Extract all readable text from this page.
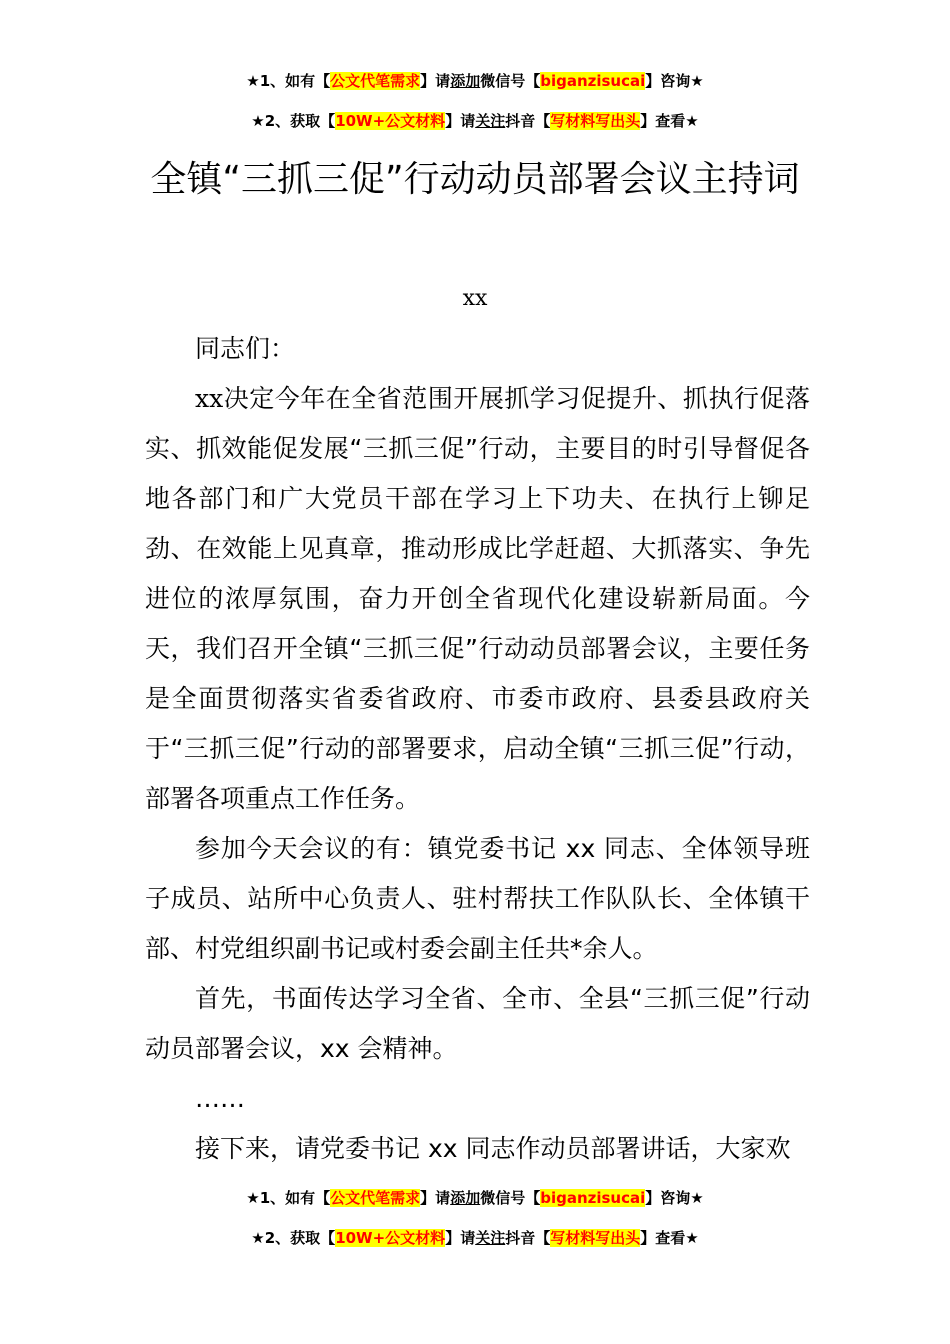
★1、如有【公文代笔需求】请添加微信号【biganzisucai】咨询★
★2、获取【10W+公文材料】请关注抖音【写材料写出头】查看★
全镇“三抓三促”行动动员部署会议主持词
xx

同志们：

xx决定今年在全省范围开展抓学习促提升、抓执行促落实、抓效能促发展“三抓三促”行动，主要目的时引导督促各地各部门和广大党员干部在学习上下功夫、在执行上铆足劲、在效能上见真章，推动形成比学赶超、大抓落实、争先进位的浓厚氛围，奋力开创全省现代化建设崭新局面。今天，我们召开全镇“三抓三促”行动动员部署会议，主要任务是全面贯彻落实省委省政府、市委市政府、县委县政府关于“三抓三促”行动的部署要求，启动全镇“三抓三促”行动，部署各项重点工作任务。

参加今天会议的有：镇党委书记 xx 同志、全体领导班子成员、站所中心负责人、驻村帮扶工作队队长、全体镇干部、村党组织副书记或村委会副主任共*余人。

首先，书面传达学习全省、全市、全县“三抓三促”行动动员部署会议，xx 会精神。

……

接下来，请党委书记 xx 同志作动员部署讲话，大家欢

★1、如有【公文代笔需求】请添加微信号【biganzisucai】咨询★
★2、获取【10W+公文材料】请关注抖音【写材料写出头】查看★
